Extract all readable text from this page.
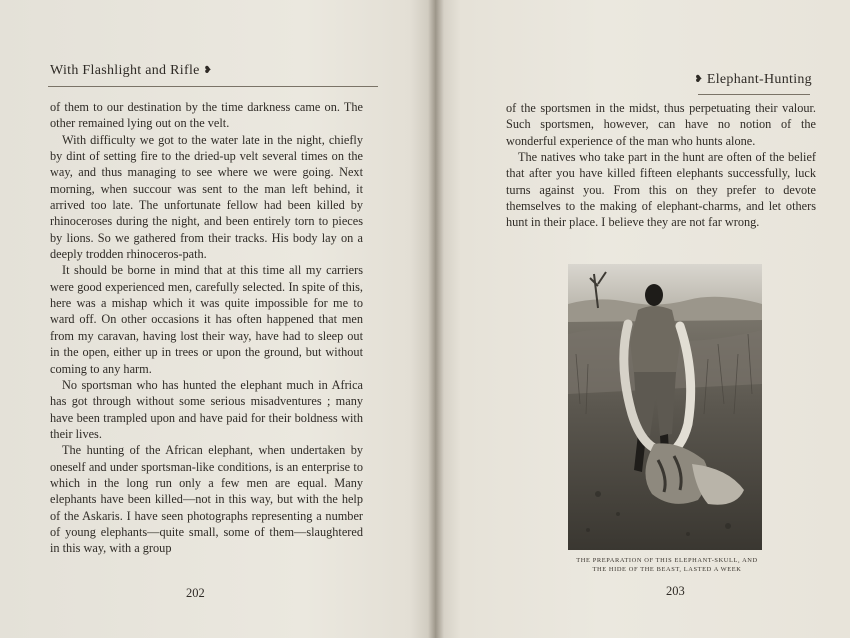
With Flashlight and Rifle ❥

of them to our destination by the time darkness came on. The other remained lying out on the velt.

With difficulty we got to the water late in the night, chiefly by dint of setting fire to the dried-up velt several times on the way, and thus managing to see where we were going. Next morning, when succour was sent to the man left behind, it arrived too late. The unfortunate fellow had been killed by rhinoceroses during the night, and been entirely torn to pieces by lions. So we gathered from their tracks. His body lay on a deeply trodden rhinoceros-path.

It should be borne in mind that at this time all my carriers were good experienced men, carefully selected. In spite of this, here was a mishap which it was quite impossible for me to ward off. On other occasions it has often happened that men from my caravan, having lost their way, have had to sleep out in the open, either up in trees or upon the ground, but without coming to any harm.

No sportsman who has hunted the elephant much in Africa has got through without some serious misadventures ; many have been trampled upon and have paid for their boldness with their lives.

The hunting of the African elephant, when undertaken by oneself and under sportsman-like conditions, is an enterprise to which in the long run only a few men are equal. Many elephants have been killed—not in this way, but with the help of the Askaris. I have seen photographs representing a number of young elephants—quite small, some of them—slaughtered in this way, with a group

202
❥ Elephant-Hunting

of the sportsmen in the midst, thus perpetuating their valour. Such sportsmen, however, can have no notion of the wonderful experience of the man who hunts alone.

The natives who take part in the hunt are often of the belief that after you have killed fifteen elephants successfully, luck turns against you. From this on they prefer to devote themselves to the making of elephant-charms, and let others hunt in their place. I believe they are not far wrong.

THE PREPARATION OF THIS ELEPHANT-SKULL, AND
THE HIDE OF THE BEAST, LASTED A WEEK
203
